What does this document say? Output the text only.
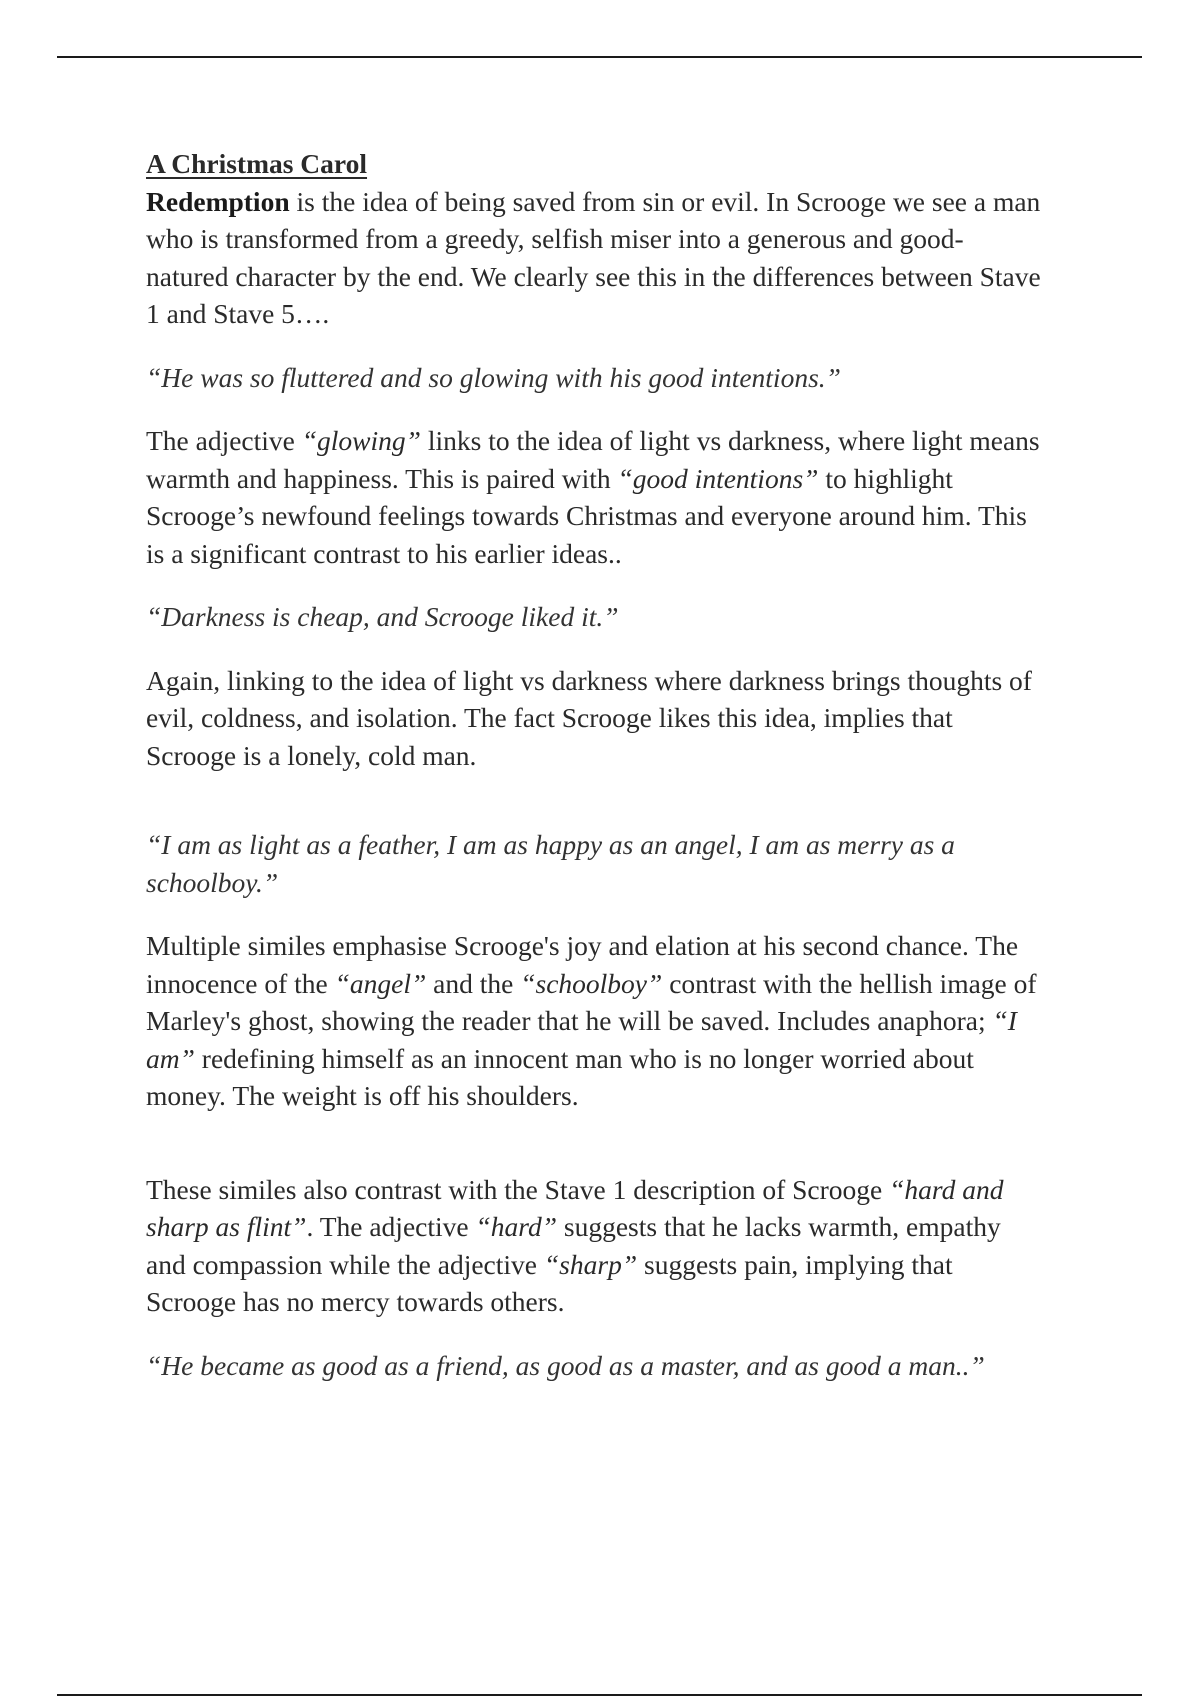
A Christmas Carol

Redemption is the idea of being saved from sin or evil. In Scrooge we see a man who is transformed from a greedy, selfish miser into a generous and good-natured character by the end. We clearly see this in the differences between Stave 1 and Stave 5….

“He was so fluttered and so glowing with his good intentions.”

The adjective “glowing” links to the idea of light vs darkness, where light means warmth and happiness. This is paired with “good intentions” to highlight Scrooge’s newfound feelings towards Christmas and everyone around him. This is a significant contrast to his earlier ideas..

“Darkness is cheap, and Scrooge liked it.”

Again, linking to the idea of light vs darkness where darkness brings thoughts of evil, coldness, and isolation. The fact Scrooge likes this idea, implies that Scrooge is a lonely, cold man.

“I am as light as a feather, I am as happy as an angel, I am as merry as a schoolboy.”

Multiple similes emphasise Scrooge's joy and elation at his second chance. The innocence of the “angel” and the “schoolboy” contrast with the hellish image of Marley's ghost, showing the reader that he will be saved. Includes anaphora; “I am” redefining himself as an innocent man who is no longer worried about money. The weight is off his shoulders.

These similes also contrast with the Stave 1 description of Scrooge “hard and sharp as flint”. The adjective “hard” suggests that he lacks warmth, empathy and compassion while the adjective “sharp” suggests pain, implying that Scrooge has no mercy towards others.

“He became as good as a friend, as good as a master, and as good a man..”
